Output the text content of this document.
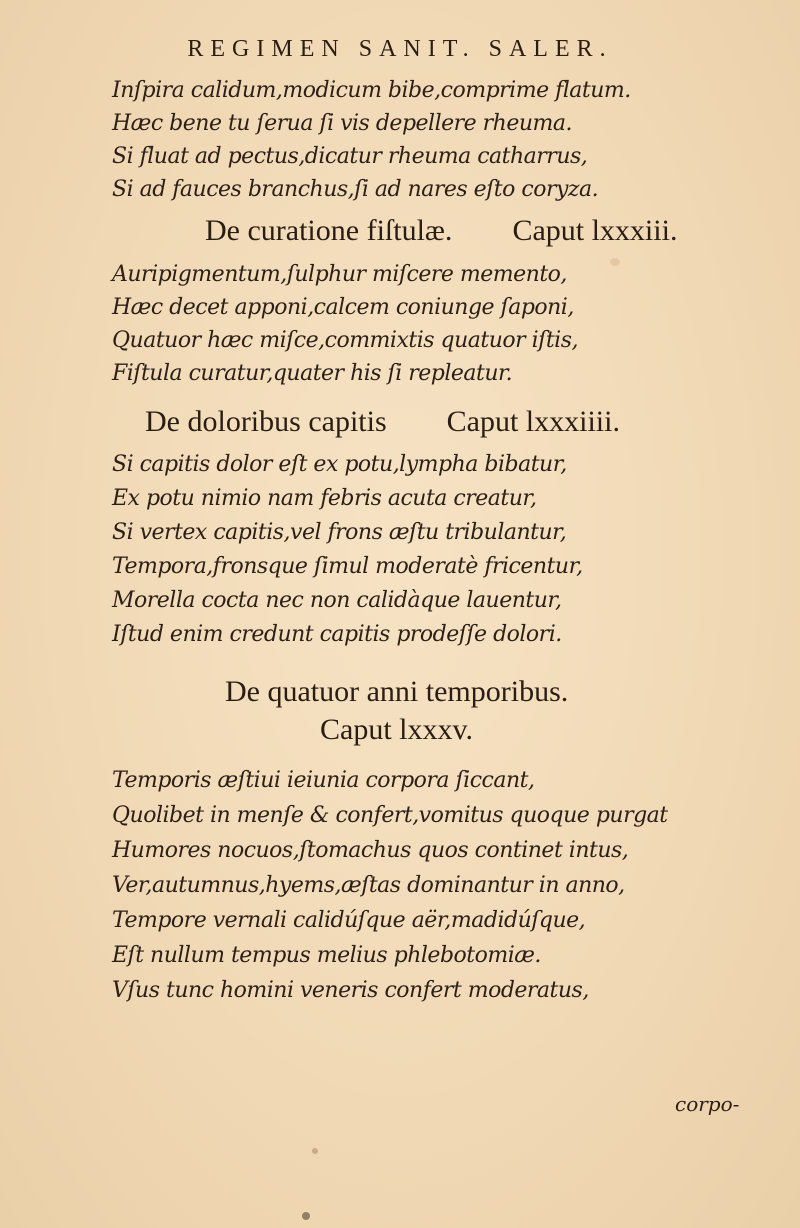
REGIMEN SANIT. SALER.
Inſpira calidum,modicum bibe,comprime flatum.
Hæc bene tu ſerua ſi vis depellere rheuma.
Si fluat ad pectus,dicatur rheuma catharrus,
Si ad fauces branchus,ſi ad nares eſto coryza.
De curatione fiſtulæ. Caput lxxxiii.
Auripigmentum,ſulphur miſcere memento,
Hæc decet apponi,calcem coniunge ſaponi,
Quatuor hæc miſce,commixtis quatuor iſtis,
Fiſtula curatur,quater his ſi repleatur.
De doloribus capitis Caput lxxxiiii.
Si capitis dolor eſt ex potu,lympha bibatur,
Ex potu nimio nam febris acuta creatur,
Si vertex capitis,vel frons æſtu tribulantur,
Tempora,fronsque ſimul moderatè fricentur,
Morella cocta nec non calidàque lauentur,
Iſtud enim credunt capitis prodeſſe dolori.
De quatuor anni temporibus.
Caput lxxxv.
Temporis æſtiui ieiunia corpora ſiccant,
Quolibet in menſe & confert,vomitus quoque purgat
Humores nocuos,ſtomachus quos continet intus,
Ver,autumnus,hyems,æſtas dominantur in anno,
Tempore vernali calidúſque aër,madidúſque,
Eſt nullum tempus melius phlebotomiæ.
Vſus tunc homini veneris confert moderatus,
corpo-
